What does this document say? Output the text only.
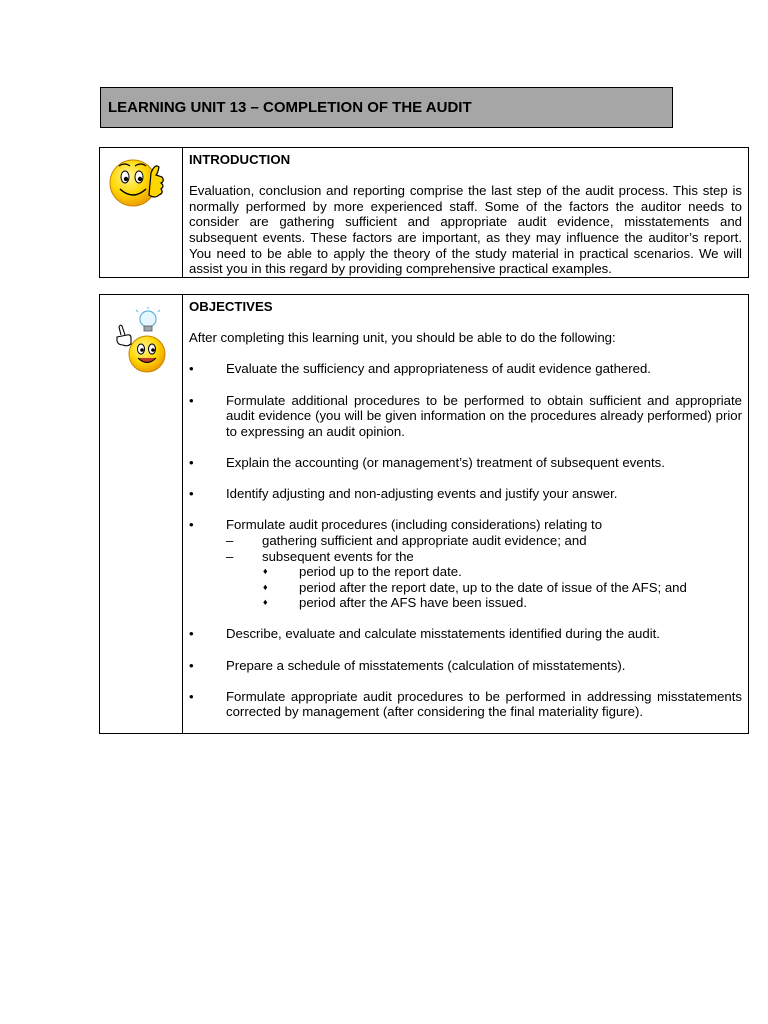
LEARNING UNIT 13 – COMPLETION OF THE AUDIT

INTRODUCTION

Evaluation, conclusion and reporting comprise the last step of the audit process. This step is normally performed by more experienced staff. Some of the factors the auditor needs to consider are gathering sufficient and appropriate audit evidence, misstatements and subsequent events. These factors are important, as they may influence the auditor’s report. You need to be able to apply the theory of the study material in practical scenarios. We will assist you in this regard by providing comprehensive practical examples.

OBJECTIVES

After completing this learning unit, you should be able to do the following:

• Evaluate the sufficiency and appropriateness of audit evidence gathered.
• Formulate additional procedures to be performed to obtain sufficient and appropriate audit evidence (you will be given information on the procedures already performed) prior to expressing an audit opinion.
• Explain the accounting (or management’s) treatment of subsequent events.
• Identify adjusting and non-adjusting events and justify your answer.
• Formulate audit procedures (including considerations) relating to
– gathering sufficient and appropriate audit evidence; and
– subsequent events for the
♦ period up to the report date.
♦ period after the report date, up to the date of issue of the AFS; and
♦ period after the AFS have been issued.
• Describe, evaluate and calculate misstatements identified during the audit.
• Prepare a schedule of misstatements (calculation of misstatements).
• Formulate appropriate audit procedures to be performed in addressing misstatements corrected by management (after considering the final materiality figure).
